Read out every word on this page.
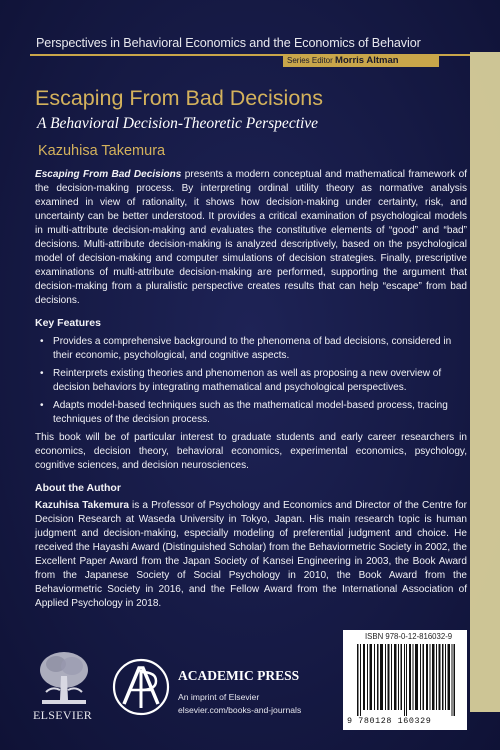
Perspectives in Behavioral Economics and the Economics of Behavior
Series Editor Morris Altman
Escaping From Bad Decisions
A Behavioral Decision-Theoretic Perspective
Kazuhisa Takemura

Escaping From Bad Decisions presents a modern conceptual and mathematical framework of the decision-making process. By interpreting ordinal utility theory as normative analysis examined in view of rationality, it shows how decision-making under certainty, risk, and uncertainty can be better understood. It provides a critical examination of psychological models in multi-attribute decision-making and evaluates the constitutive elements of “good” and “bad” decisions. Multi-attribute decision-making is analyzed descriptively, based on the psychological model of decision-making and computer simulations of decision strategies. Finally, prescriptive examinations of multi-attribute decision-making are performed, supporting the argument that decision-making from a pluralistic perspective creates results that can help “escape” from bad decisions.

Key Features
• Provides a comprehensive background to the phenomena of bad decisions, considered in their economic, psychological, and cognitive aspects.
• Reinterprets existing theories and phenomenon as well as proposing a new overview of decision behaviors by integrating mathematical and psychological perspectives.
• Adapts model-based techniques such as the mathematical model-based process, tracing techniques of the decision process.

This book will be of particular interest to graduate students and early career researchers in economics, decision theory, behavioral economics, experimental economics, psychology, cognitive sciences, and decision neurosciences.

About the Author

Kazuhisa Takemura is a Professor of Psychology and Economics and Director of the Centre for Decision Research at Waseda University in Tokyo, Japan. His main research topic is human judgment and decision-making, especially modeling of preferential judgment and choice. He received the Hayashi Award (Distinguished Scholar) from the Behaviormetric Society in 2002, the Excellent Paper Award from the Japan Society of Kansei Engineering in 2003, the Book Award from the Japanese Society of Social Psychology in 2010, the Book Award from the Behaviormetric Society in 2016, and the Fellow Award from the International Association of Applied Psychology in 2018.

ELSEVIER
ACADEMIC PRESS
An imprint of Elsevier
elsevier.com/books-and-journals
ISBN 978-0-12-816032-9
9 780128 160329
